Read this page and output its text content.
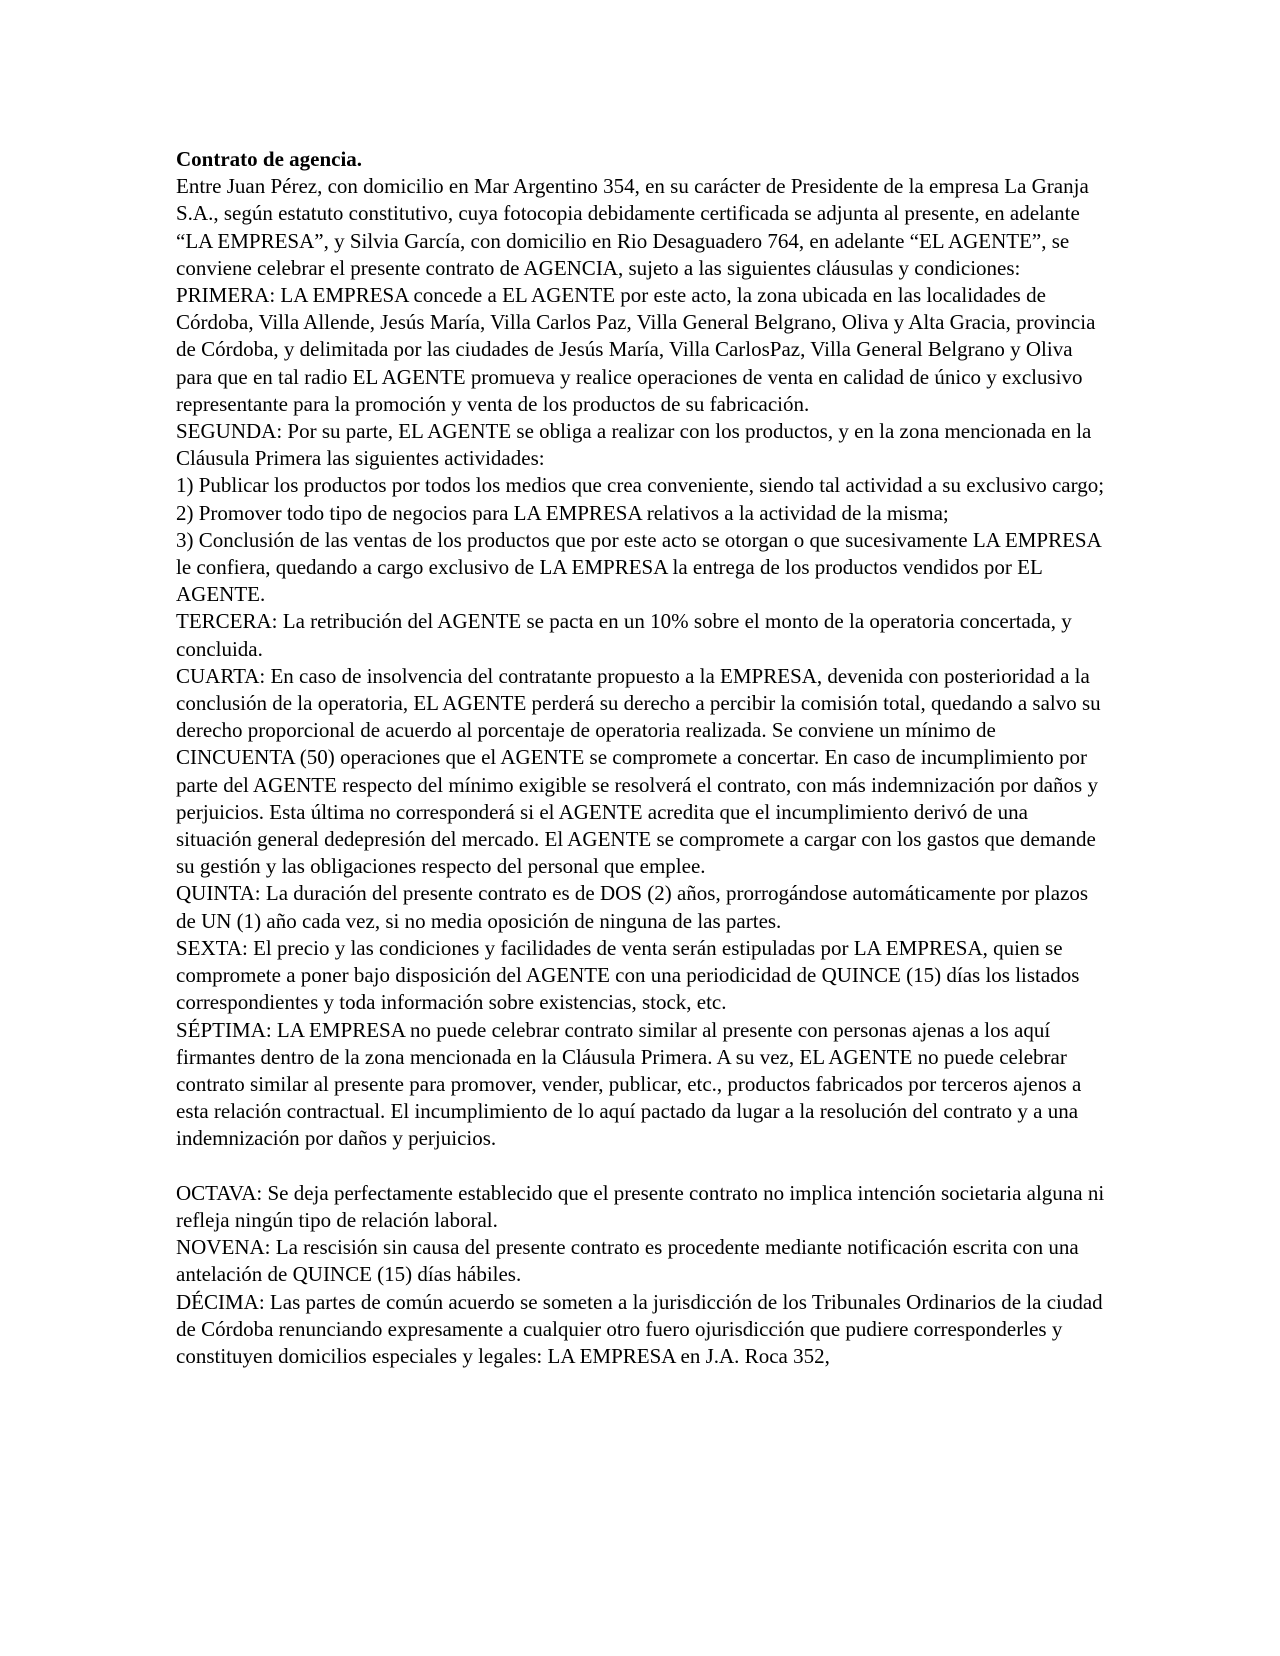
Contrato de agencia.

Entre Juan Pérez, con domicilio en Mar Argentino 354, en su carácter de Presidente de la empresa La Granja S.A., según estatuto constitutivo, cuya fotocopia debidamente certificada se adjunta al presente, en adelante “LA EMPRESA”, y Silvia García, con domicilio en Rio Desaguadero 764, en adelante “EL AGENTE”, se conviene celebrar el presente contrato de AGENCIA, sujeto a las siguientes cláusulas y condiciones:

PRIMERA: LA EMPRESA concede a EL AGENTE por este acto, la zona ubicada en las localidades de Córdoba, Villa Allende, Jesús María, Villa Carlos Paz, Villa General Belgrano, Oliva y Alta Gracia, provincia de Córdoba, y delimitada por las ciudades de Jesús María, Villa CarlosPaz, Villa General Belgrano y Oliva para que en tal radio EL AGENTE promueva y realice operaciones de venta en calidad de único y exclusivo representante para la promoción y venta de los productos de su fabricación.

SEGUNDA: Por su parte, EL AGENTE se obliga a realizar con los productos, y en la zona mencionada en la Cláusula Primera las siguientes actividades:

1) Publicar los productos por todos los medios que crea conveniente, siendo tal actividad a su exclusivo cargo;

2) Promover todo tipo de negocios para LA EMPRESA relativos a la actividad de la misma;

3) Conclusión de las ventas de los productos que por este acto se otorgan o que sucesivamente LA EMPRESA le confiera, quedando a cargo exclusivo de LA EMPRESA la entrega de los productos vendidos por EL AGENTE.

TERCERA: La retribución del AGENTE se pacta en un 10% sobre el monto de la operatoria concertada, y concluida.

CUARTA: En caso de insolvencia del contratante propuesto a la EMPRESA, devenida con posterioridad a la conclusión de la operatoria, EL AGENTE perderá su derecho a percibir la comisión total, quedando a salvo su derecho proporcional de acuerdo al porcentaje de operatoria realizada. Se conviene un mínimo de CINCUENTA (50) operaciones que el AGENTE se compromete a concertar. En caso de incumplimiento por parte del AGENTE respecto del mínimo exigible se resolverá el contrato, con más indemnización por daños y perjuicios. Esta última no corresponderá si el AGENTE acredita que el incumplimiento derivó de una situación general dedepresión del mercado. El AGENTE se compromete a cargar con los gastos que demande su gestión y las obligaciones respecto del personal que emplee.

QUINTA: La duración del presente contrato es de DOS (2) años, prorrogándose automáticamente por plazos de UN (1) año cada vez, si no media oposición de ninguna de las partes.

SEXTA: El precio y las condiciones y facilidades de venta serán estipuladas por LA EMPRESA, quien se compromete a poner bajo disposición del AGENTE con una periodicidad de QUINCE (15) días los listados correspondientes y toda información sobre existencias, stock, etc.

SÉPTIMA: LA EMPRESA no puede celebrar contrato similar al presente con personas ajenas a los aquí firmantes dentro de la zona mencionada en la Cláusula Primera. A su vez, EL AGENTE no puede celebrar contrato similar al presente para promover, vender, publicar, etc., productos fabricados por terceros ajenos a esta relación contractual. El incumplimiento de lo aquí pactado da lugar a la resolución del contrato y a una indemnización por daños y perjuicios.

OCTAVA: Se deja perfectamente establecido que el presente contrato no implica intención societaria alguna ni refleja ningún tipo de relación laboral.

NOVENA: La rescisión sin causa del presente contrato es procedente mediante notificación escrita con una antelación de QUINCE (15) días hábiles.

DÉCIMA: Las partes de común acuerdo se someten a la jurisdicción de los Tribunales Ordinarios de la ciudad de Córdoba renunciando expresamente a cualquier otro fuero ojurisdicción que pudiere corresponderles y constituyen domicilios especiales y legales: LA EMPRESA en J.A. Roca 352,
